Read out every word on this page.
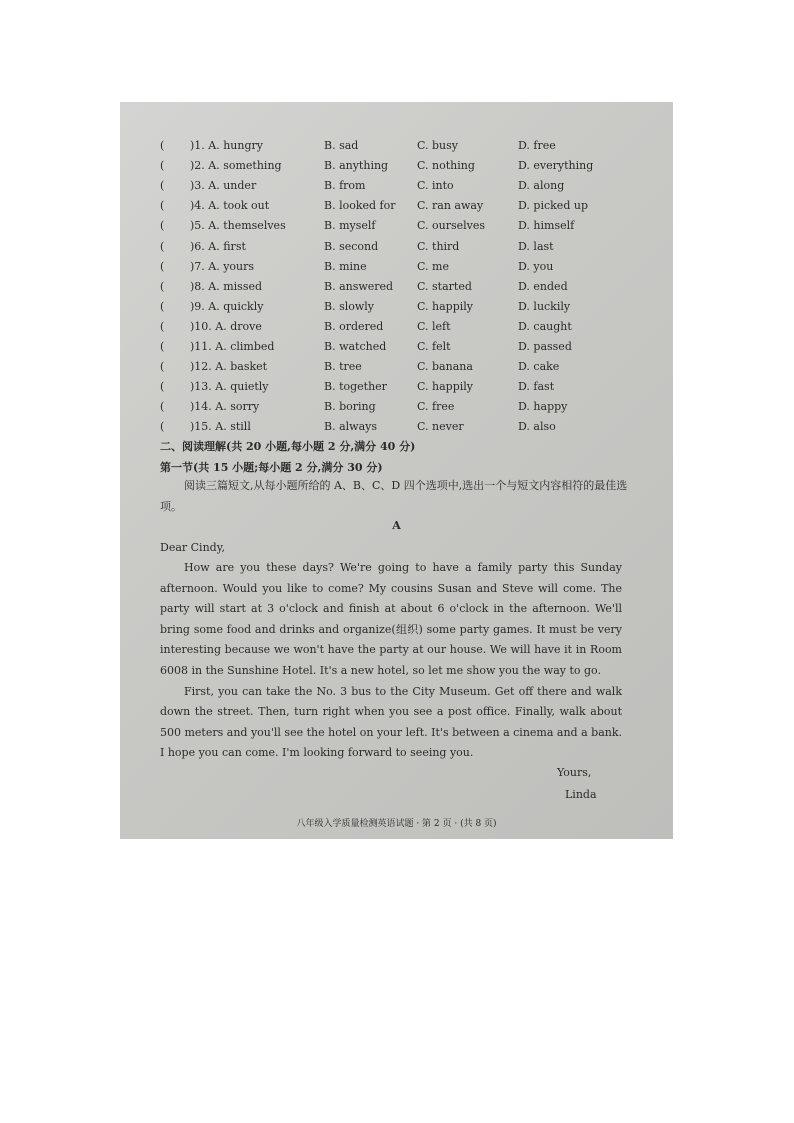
( )1. A. hungry	B. sad	C. busy	D. free
( )2. A. something	B. anything	C. nothing	D. everything
( )3. A. under	B. from	C. into	D. along
( )4. A. took out	B. looked for C. ran away	D. picked up
( )5. A. themselves	B. myself	C. ourselves	D. himself
( )6. A. first	B. second	C. third	D. last
( )7. A. yours	B. mine	C. me	D. you
( )8. A. missed	B. answered C. started	D. ended
( )9. A. quickly	B. slowly	C. happily	D. luckily
( )10. A. drove	B. ordered	C. left	D. caught
( )11. A. climbed	B. watched	C. felt	D. passed
( )12. A. basket	B. tree	C. banana	D. cake
( )13. A. quietly	B. together	C. happily	D. fast
( )14. A. sorry	B. boring	C. free	D. happy
( )15. A. still	B. always	C. never	D. also
二、阅读理解(共 20 小题,每小题 2 分,满分 40 分)
第一节(共 15 小题;每小题 2 分,满分 30 分)
阅读三篇短文,从每小题所给的 A、B、C、D 四个选项中,选出一个与短文内容相符的最佳选项。
A
Dear Cindy,

How are you these days? We're going to have a family party this Sunday afternoon. Would you like to come? My cousins Susan and Steve will come. The party will start at 3 o'clock and finish at about 6 o'clock in the afternoon. We'll bring some food and drinks and organize(组织) some party games. It must be very interesting because we won't have the party at our house. We will have it in Room 6008 in the Sunshine Hotel. It's a new hotel, so let me show you the way to go.

First, you can take the No. 3 bus to the City Museum. Get off there and walk down the street. Then, turn right when you see a post office. Finally, walk about 500 meters and you'll see the hotel on your left. It's between a cinema and a bank. I hope you can come. I'm looking forward to seeing you.

Yours,
Linda
八年级入学质量检测英语试题 · 第 2 页 · (共 8 页)
